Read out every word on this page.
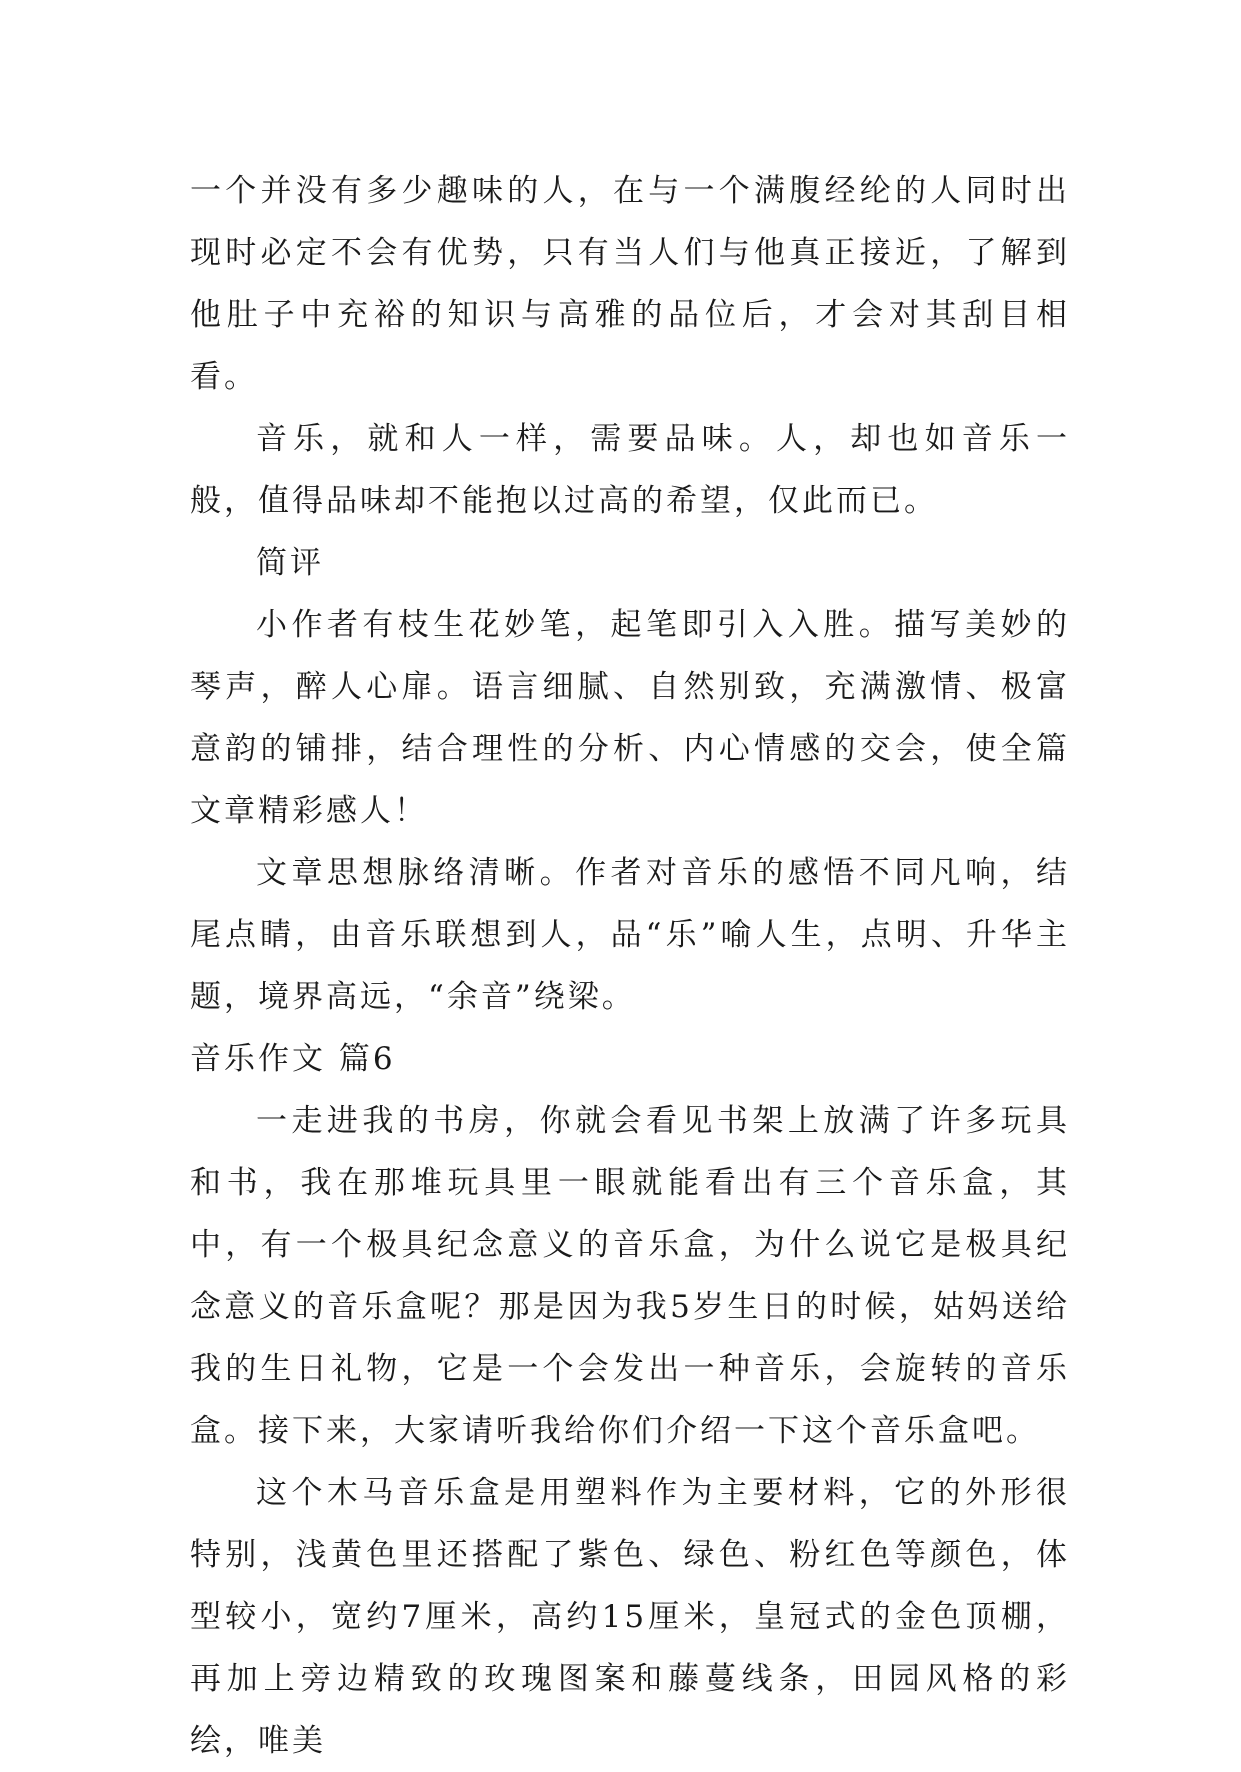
一个并没有多少趣味的人，在与一个满腹经纶的人同时出现时必定不会有优势，只有当人们与他真正接近，了解到他肚子中充裕的知识与高雅的品位后，才会对其刮目相看。

音乐，就和人一样，需要品味。人，却也如音乐一般，值得品味却不能抱以过高的希望，仅此而已。

简评

小作者有枝生花妙笔，起笔即引入入胜。描写美妙的琴声，醉人心扉。语言细腻、自然别致，充满激情、极富意韵的铺排，结合理性的分析、内心情感的交会，使全篇文章精彩感人！

文章思想脉络清晰。作者对音乐的感悟不同凡响，结尾点睛，由音乐联想到人，品“乐”喻人生，点明、升华主题，境界高远，“余音”绕梁。

音乐作文 篇6

一走进我的书房，你就会看见书架上放满了许多玩具和书，我在那堆玩具里一眼就能看出有三个音乐盒，其中，有一个极具纪念意义的音乐盒，为什么说它是极具纪念意义的音乐盒呢？那是因为我5岁生日的时候，姑妈送给我的生日礼物，它是一个会发出一种音乐，会旋转的音乐盒。接下来，大家请听我给你们介绍一下这个音乐盒吧。

这个木马音乐盒是用塑料作为主要材料，它的外形很特别，浅黄色里还搭配了紫色、绿色、粉红色等颜色，体型较小，宽约7厘米，高约15厘米，皇冠式的金色顶棚，再加上旁边精致的玫瑰图案和藤蔓线条，田园风格的彩绘，唯美
